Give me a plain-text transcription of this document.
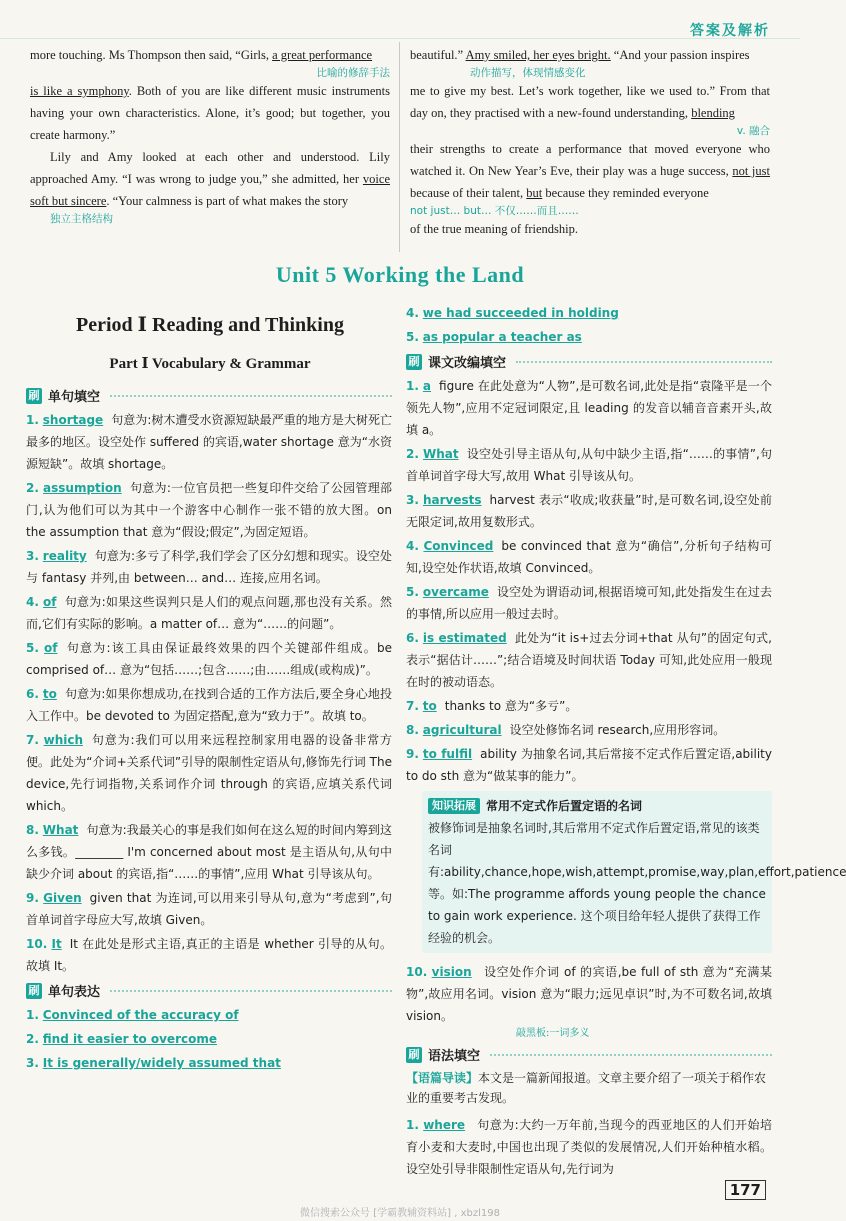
答案及解析

more touching. Ms Thompson then said, “Girls, a great performance
比喻的修辞手法
is like a symphony. Both of you are like different music instruments having your own characteristics. Alone, it’s good; but together, you create harmony.”

Lily and Amy looked at each other and understood. Lily approached Amy. “I was wrong to judge you,” she admitted, her voice soft but sincere. “Your calmness is part of what makes the story
独立主格结构

beautiful.” Amy smiled, her eyes bright. “And your passion inspires
动作描写，体现情感变化
me to give my best. Let’s work together, like we used to.” From that day on, they practised with a new-found understanding, blending
v. 融合
their strengths to create a performance that moved everyone who watched it. On New Year’s Eve, their play was a huge success, not just because of their talent, but because they reminded everyone
not just… but… 不仅……而且……
of the true meaning of friendship.

Unit 5 Working the Land
Period Ⅰ Reading and Thinking
Part Ⅰ Vocabulary & Grammar
刷 单句填空
1. shortage 句意为:树木遭受水资源短缺最严重的地方是大树死亡最多的地区。设空处作 suffered 的宾语,water shortage 意为“水资源短缺”。故填 shortage。
2. assumption 句意为:一位官员把一些复印件交给了公园管理部门,认为他们可以为其中一个游客中心制作一张不错的放大图。on the assumption that 意为“假设;假定”,为固定短语。
3. reality 句意为:多亏了科学,我们学会了区分幻想和现实。设空处与 fantasy 并列,由 between… and… 连接,应用名词。
4. of 句意为:如果这些误判只是人们的观点问题,那也没有关系。然而,它们有实际的影响。a matter of… 意为“……的问题”。
5. of 句意为:该工具由保证最终效果的四个关键部件组成。be comprised of… 意为“包括……;包含……;由……组成(或构成)”。
6. to 句意为:如果你想成功,在找到合适的工作方法后,要全身心地投入工作中。be devoted to 为固定搭配,意为“致力于”。故填 to。
7. which 句意为:我们可以用来远程控制家用电器的设备非常方便。此处为“介词+关系代词”引导的限制性定语从句,修饰先行词 The device,先行词指物,关系词作介词 through 的宾语,应填关系代词 which。
8. What 句意为:我最关心的事是我们如何在这么短的时间内筹到这么多钱。________ I'm concerned about most 是主语从句,从句中缺少介词 about 的宾语,指“……的事情”,应用 What 引导该从句。
9. Given given that 为连词,可以用来引导从句,意为“考虑到”,句首单词首字母应大写,故填 Given。
10. It It 在此处是形式主语,真正的主语是 whether 引导的从句。故填 It。
刷 单句表达
1. Convinced of the accuracy of
2. find it easier to overcome
3. It is generally/widely assumed that
4. we had succeeded in holding
5. as popular a teacher as
刷 课文改编填空
1. a figure 在此处意为“人物”,是可数名词,此处是指“袁隆平是一个领先人物”,应用不定冠词限定,且 leading 的发音以辅音音素开头,故填 a。
2. What 设空处引导主语从句,从句中缺少主语,指“……的事情”,句首单词首字母大写,故用 What 引导该从句。
3. harvests harvest 表示“收成;收获量”时,是可数名词,设空处前无限定词,故用复数形式。
4. Convinced be convinced that 意为“确信”,分析句子结构可知,设空处作状语,故填 Convinced。
5. overcame 设空处为谓语动词,根据语境可知,此处指发生在过去的事情,所以应用一般过去时。
6. is estimated 此处为“it is+过去分词+that 从句”的固定句式,表示“据估计……”;结合语境及时间状语 Today 可知,此处应用一般现在时的被动语态。
7. to thanks to 意为“多亏”。
8. agricultural 设空处修饰名词 research,应用形容词。
9. to fulfil ability 为抽象名词,其后常接不定式作后置定语,ability to do sth 意为“做某事的能力”。
知识拓展 常用不定式作后置定语的名词
被修饰词是抽象名词时,其后常用不定式作后置定语,常见的该类名词有:ability,chance,hope,wish,attempt,promise,way,plan,effort,patience 等。如:The programme affords young people the chance to gain work experience. 这个项目给年轻人提供了获得工作经验的机会。
10. vision 设空处作介词 of 的宾语,be full of sth 意为“充满某物”,故应用名词。vision 意为“眼力;远见卓识”时,为不可数名词,故填 vision。
敲黑板:一词多义
刷 语法填空
【语篇导读】本文是一篇新闻报道。文章主要介绍了一项关于稻作农业的重要考古发现。
1. where 句意为:大约一万年前,当现今的西亚地区的人们开始培育小麦和大麦时,中国也出现了类似的发展情况,人们开始种植水稻。设空处引导非限制性定语从句,先行词为
177
微信搜索公众号 [学霸教辅资料站] , xbzl198
